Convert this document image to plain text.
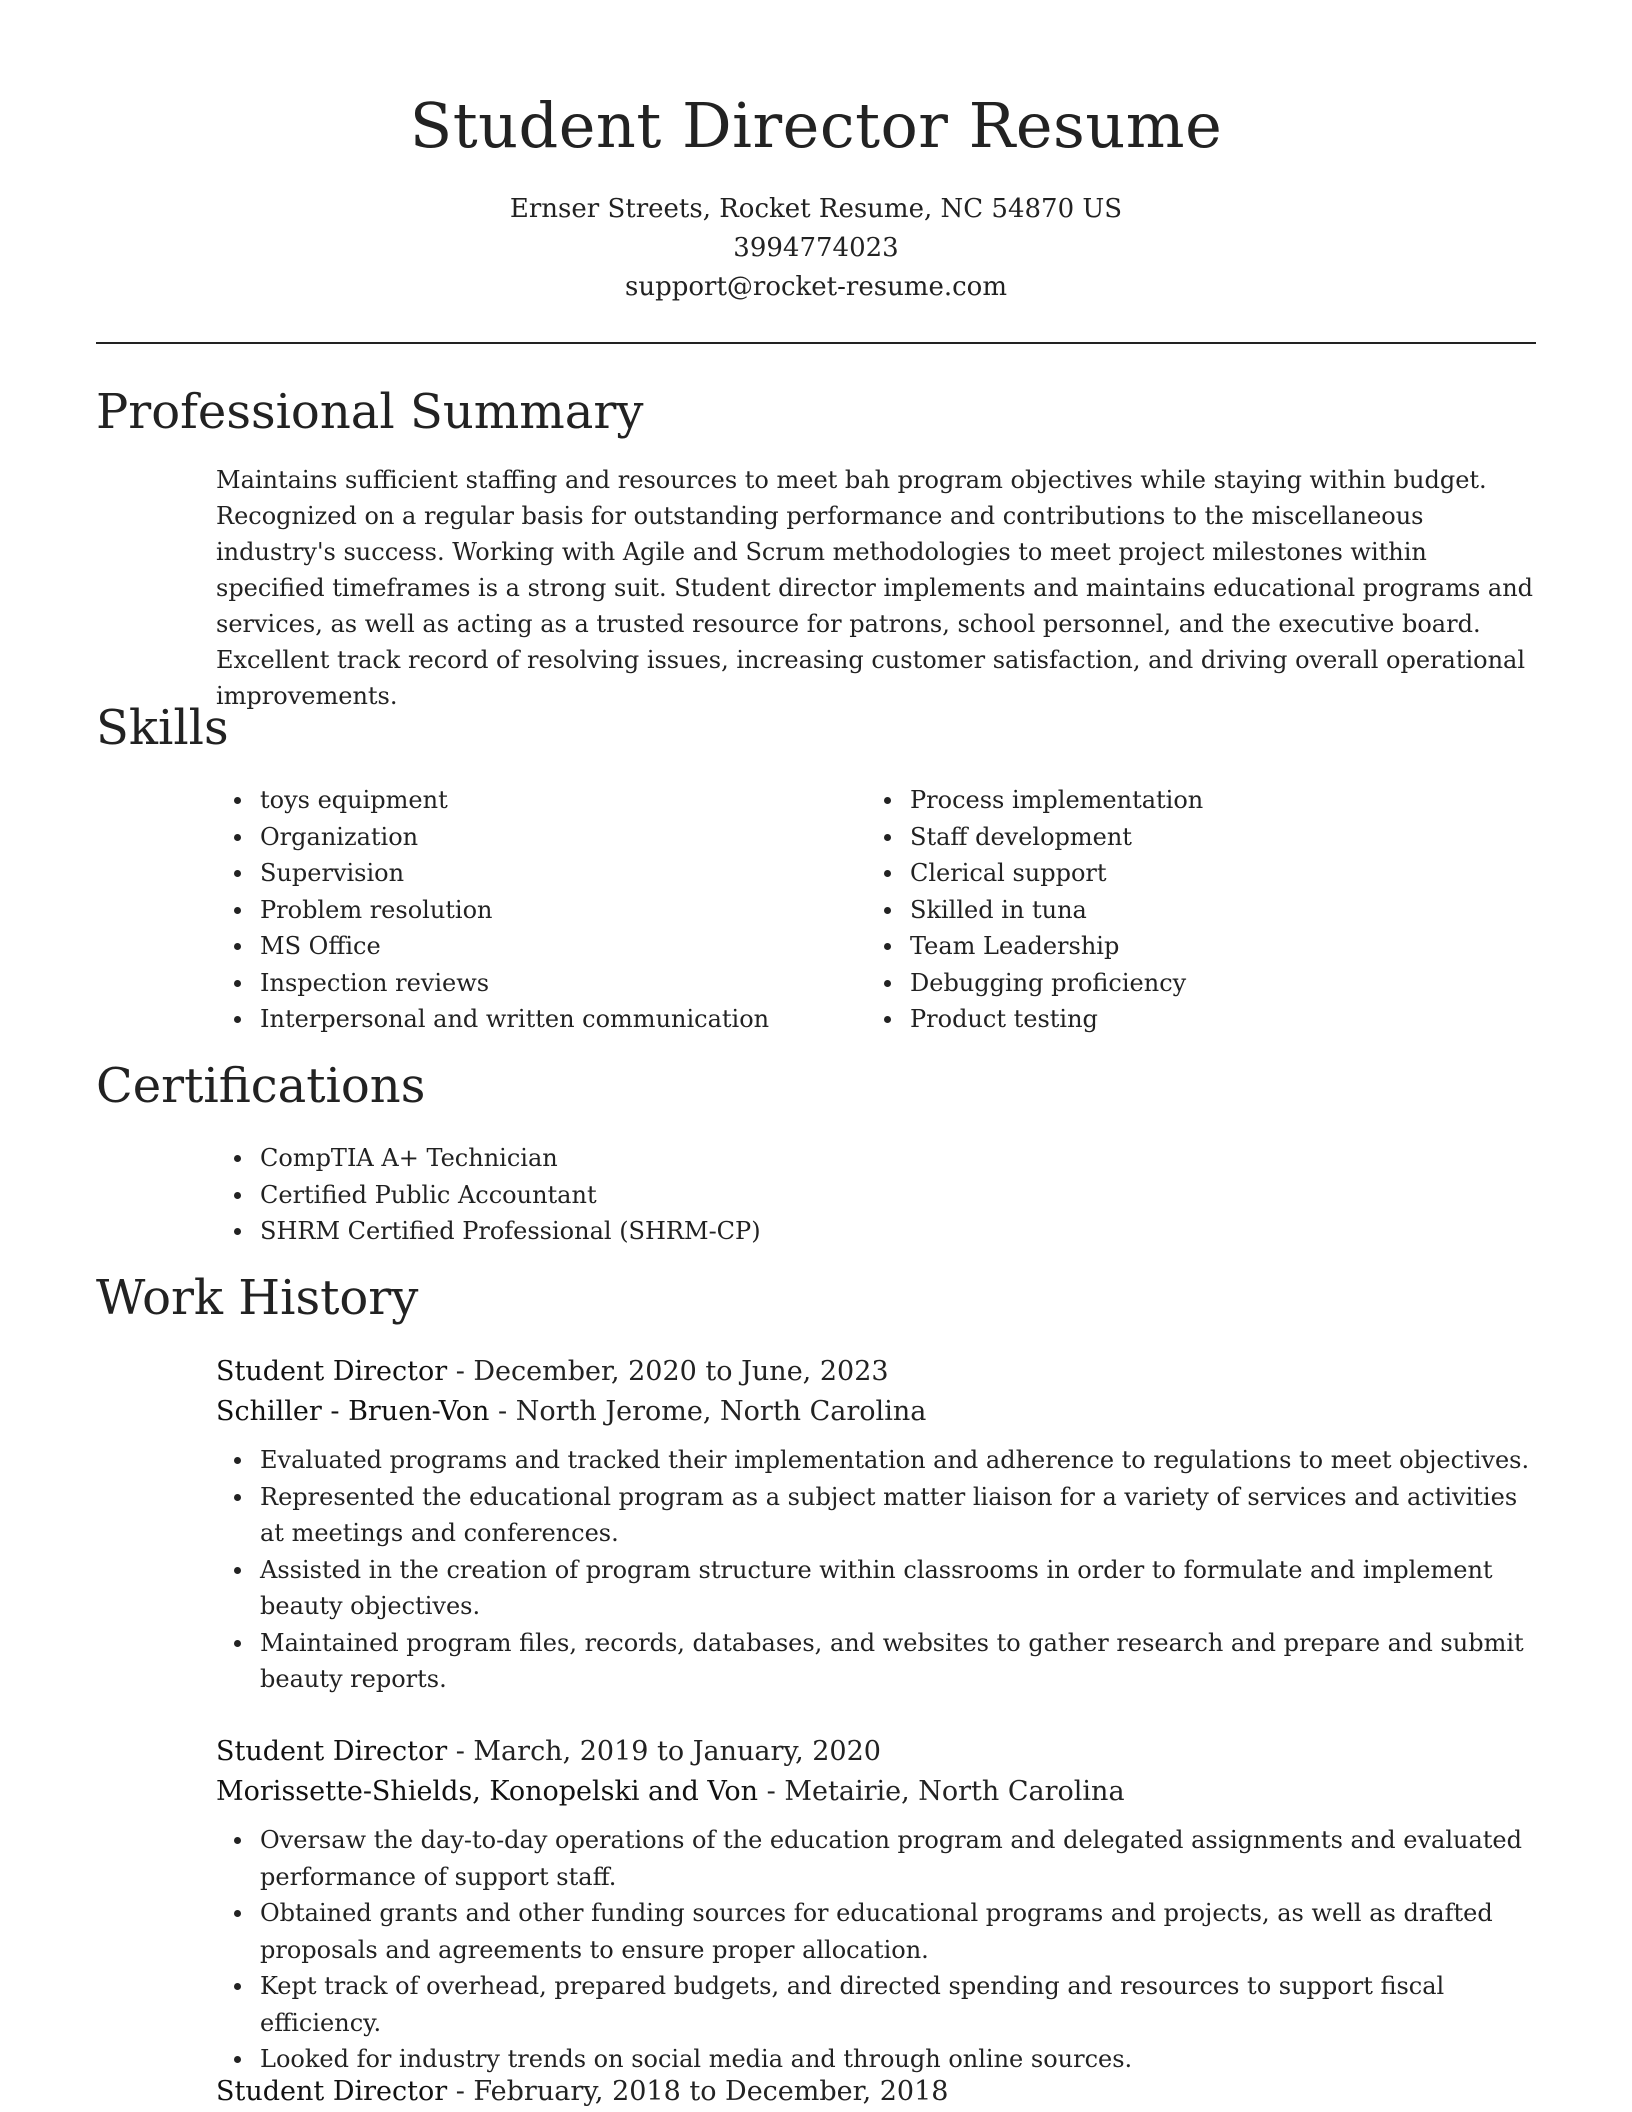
Student Director Resume
Ernser Streets, Rocket Resume, NC 54870 US
3994774023
support@rocket-resume.com
Professional Summary

Maintains sufficient staffing and resources to meet bah program objectives while staying within budget. Recognized on a regular basis for outstanding performance and contributions to the miscellaneous industry's success. Working with Agile and Scrum methodologies to meet project milestones within specified timeframes is a strong suit. Student director implements and maintains educational programs and services, as well as acting as a trusted resource for patrons, school personnel, and the executive board. Excellent track record of resolving issues, increasing customer satisfaction, and driving overall operational improvements.

Skills
toys equipment
Organization
Supervision
Problem resolution
MS Office
Inspection reviews
Interpersonal and written communication
Process implementation
Staff development
Clerical support
Skilled in tuna
Team Leadership
Debugging proficiency
Product testing
Certifications
CompTIA A+ Technician
Certified Public Accountant
SHRM Certified Professional (SHRM-CP)
Work History
Student Director - December, 2020 to June, 2023
Schiller - Bruen-Von - North Jerome, North Carolina
Evaluated programs and tracked their implementation and adherence to regulations to meet objectives.
Represented the educational program as a subject matter liaison for a variety of services and activities at meetings and conferences.
Assisted in the creation of program structure within classrooms in order to formulate and implement beauty objectives.
Maintained program files, records, databases, and websites to gather research and prepare and submit beauty reports.
Student Director - March, 2019 to January, 2020
Morissette-Shields, Konopelski and Von - Metairie, North Carolina
Oversaw the day-to-day operations of the education program and delegated assignments and evaluated performance of support staff.
Obtained grants and other funding sources for educational programs and projects, as well as drafted proposals and agreements to ensure proper allocation.
Kept track of overhead, prepared budgets, and directed spending and resources to support fiscal efficiency.
Looked for industry trends on social media and through online sources.
Student Director - February, 2018 to December, 2018
